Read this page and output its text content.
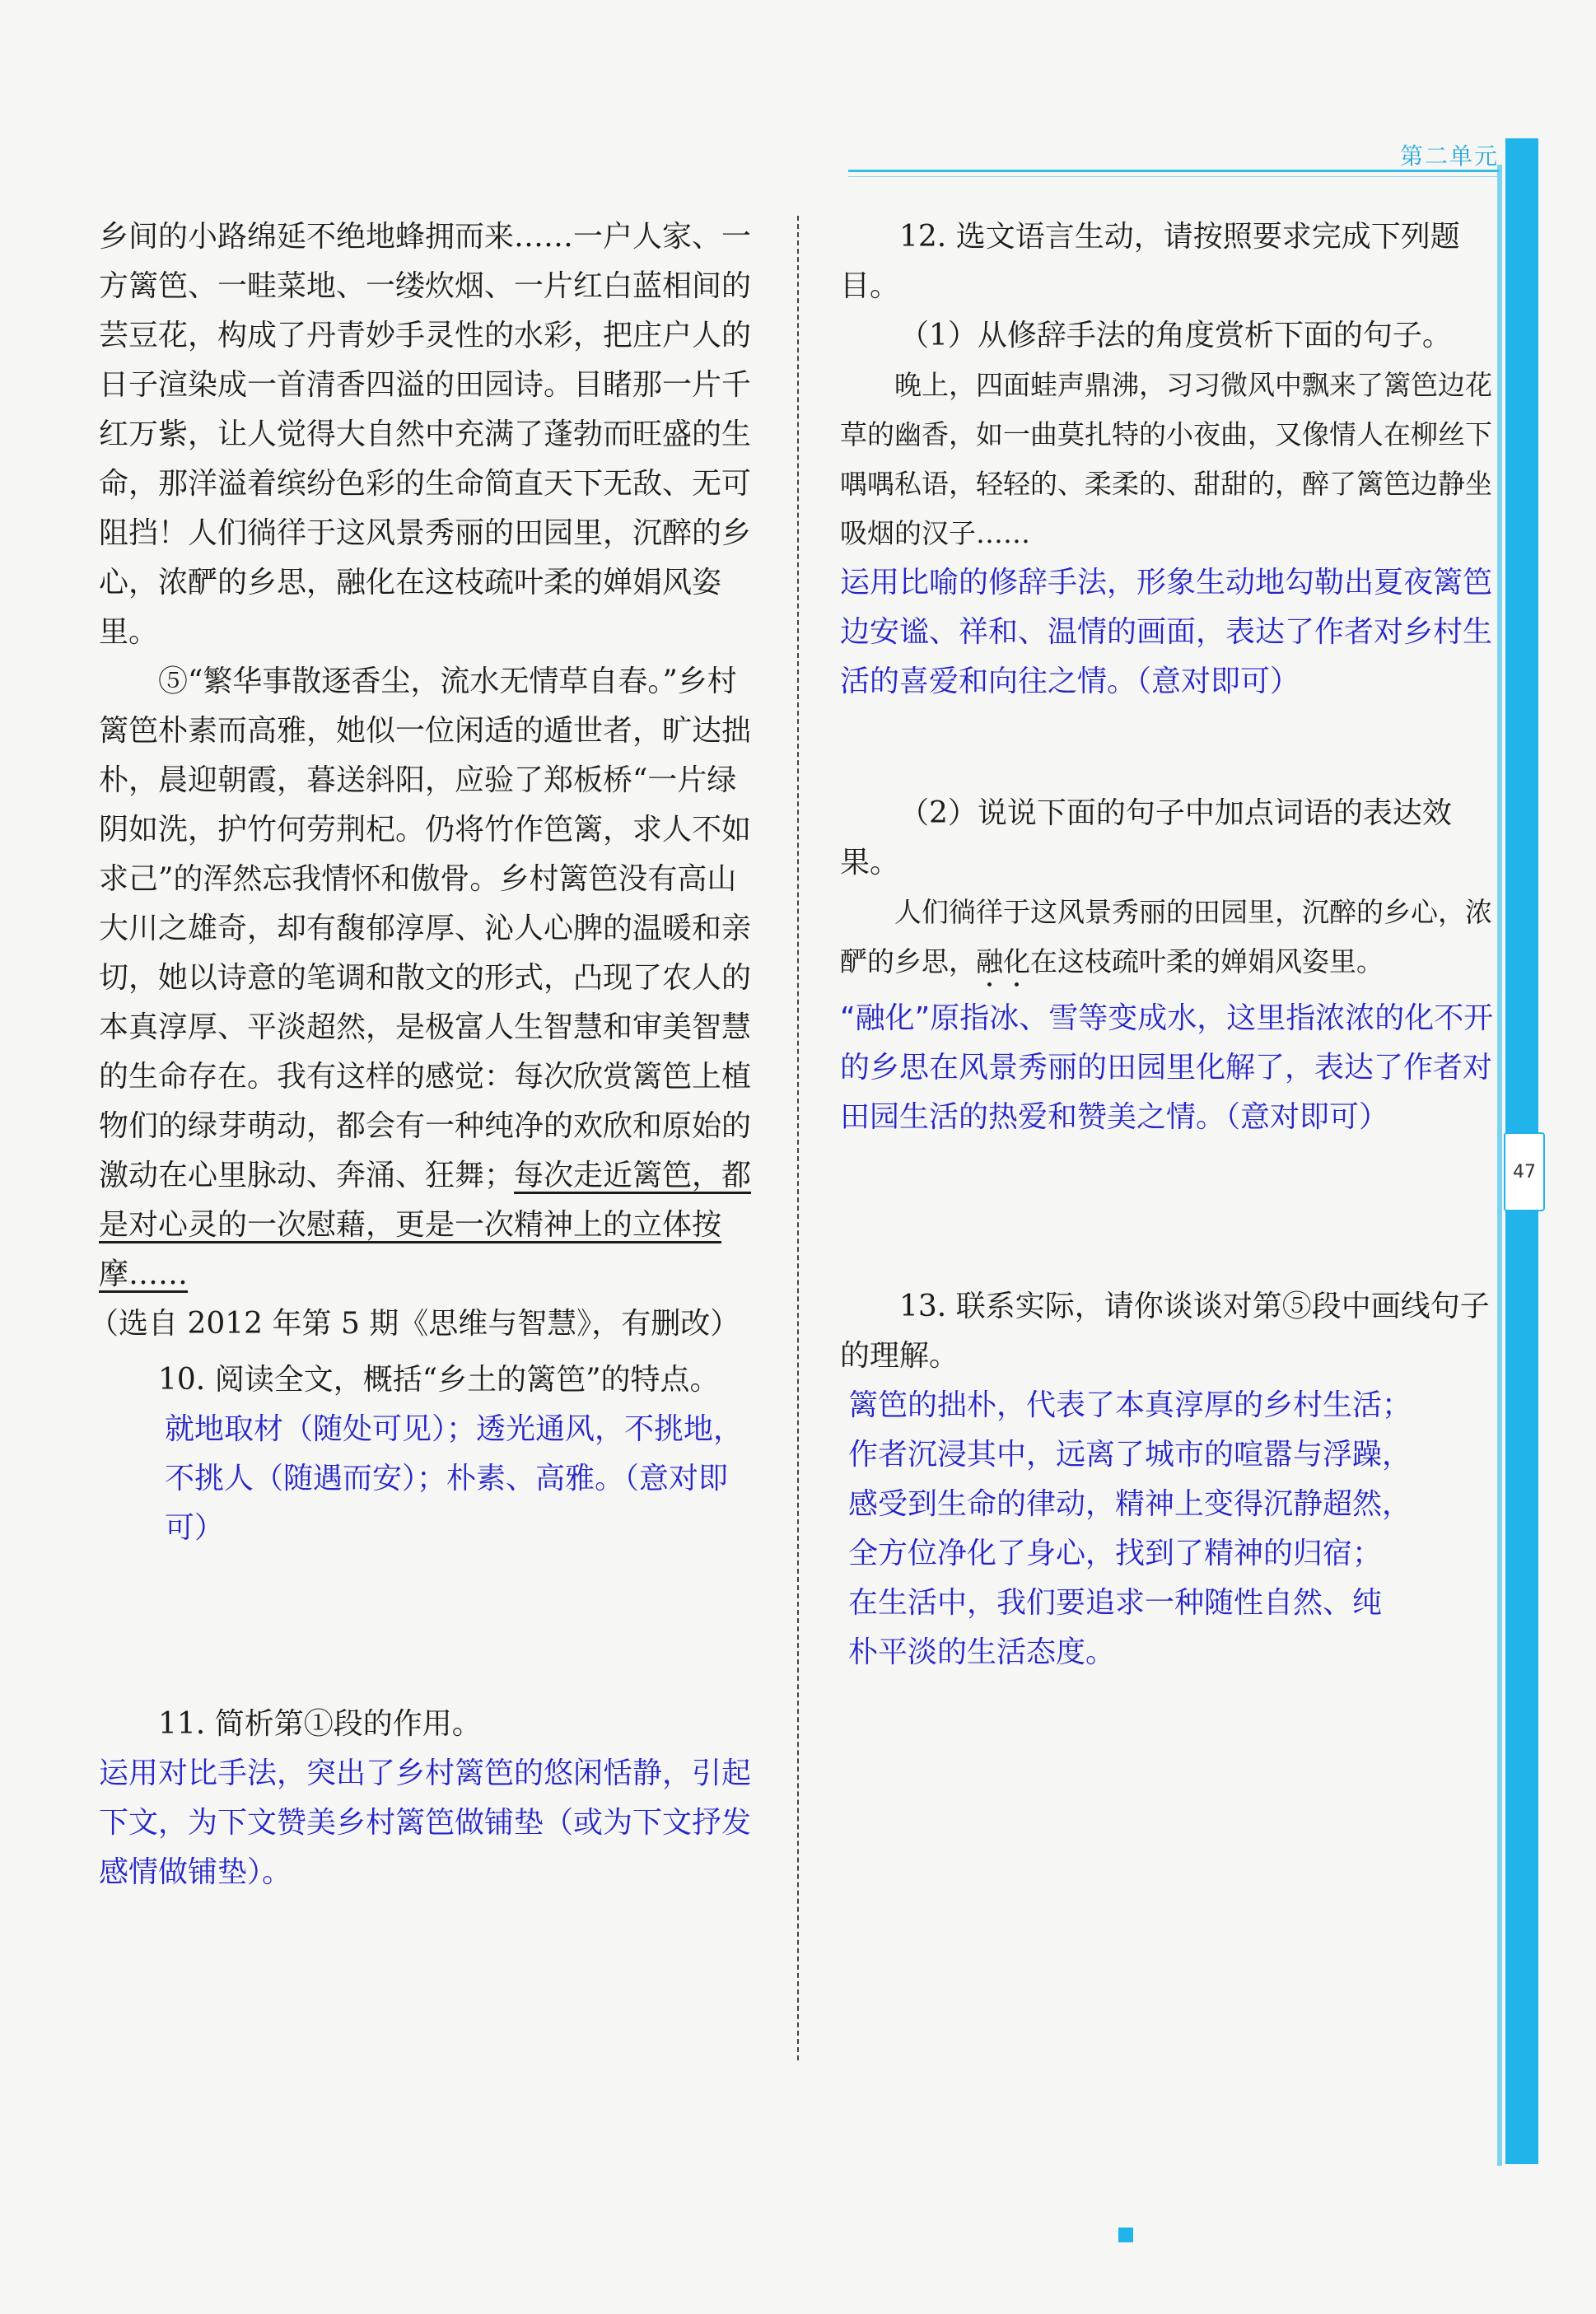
第二单元
47

乡间的小路绵延不绝地蜂拥而来……一户人家、一方篱笆、一畦菜地、一缕炊烟、一片红白蓝相间的芸豆花，构成了丹青妙手灵性的水彩，把庄户人的日子渲染成一首清香四溢的田园诗。目睹那一片千红万紫，让人觉得大自然中充满了蓬勃而旺盛的生命，那洋溢着缤纷色彩的生命简直天下无敌、无可阻挡！人们徜徉于这风景秀丽的田园里，沉醉的乡心，浓酽的乡思，融化在这枝疏叶柔的婵娟风姿里。

⑤“繁华事散逐香尘，流水无情草自春。”乡村篱笆朴素而高雅，她似一位闲适的遁世者，旷达拙朴，晨迎朝霞，暮送斜阳，应验了郑板桥“一片绿阴如洗，护竹何劳荆杞。仍将竹作笆篱，求人不如求己”的浑然忘我情怀和傲骨。乡村篱笆没有高山大川之雄奇，却有馥郁淳厚、沁人心脾的温暖和亲切，她以诗意的笔调和散文的形式，凸现了农人的本真淳厚、平淡超然，是极富人生智慧和审美智慧的生命存在。我有这样的感觉：每次欣赏篱笆上植物们的绿芽萌动，都会有一种纯净的欢欣和原始的激动在心里脉动、奔涌、狂舞；每次走近篱笆，都是对心灵的一次慰藉，更是一次精神上的立体按摩……

（选自 2012 年第 5 期《思维与智慧》，有删改）

10. 阅读全文，概括“乡土的篱笆”的特点。

就地取材（随处可见）；透光通风，不挑地，不挑人（随遇而安）；朴素、高雅。（意对即可）

11. 简析第①段的作用。

运用对比手法，突出了乡村篱笆的悠闲恬静，引起下文，为下文赞美乡村篱笆做铺垫（或为下文抒发感情做铺垫）。

12. 选文语言生动，请按照要求完成下列题目。

（1）从修辞手法的角度赏析下面的句子。

晚上，四面蛙声鼎沸，习习微风中飘来了篱笆边花草的幽香，如一曲莫扎特的小夜曲，又像情人在柳丝下喁喁私语，轻轻的、柔柔的、甜甜的，醉了篱笆边静坐吸烟的汉子……

运用比喻的修辞手法，形象生动地勾勒出夏夜篱笆边安谧、祥和、温情的画面，表达了作者对乡村生活的喜爱和向往之情。（意对即可）

（2）说说下面的句子中加点词语的表达效果。

人们徜徉于这风景秀丽的田园里，沉醉的乡心，浓酽的乡思，融化在这枝疏叶柔的婵娟风姿里。

“融化”原指冰、雪等变成水，这里指浓浓的化不开的乡思在风景秀丽的田园里化解了，表达了作者对田园生活的热爱和赞美之情。（意对即可）

13. 联系实际，请你谈谈对第⑤段中画线句子的理解。

篱笆的拙朴，代表了本真淳厚的乡村生活；
作者沉浸其中，远离了城市的喧嚣与浮躁，
感受到生命的律动，精神上变得沉静超然，
全方位净化了身心，找到了精神的归宿；
在生活中，我们要追求一种随性自然、纯
朴平淡的生活态度。
